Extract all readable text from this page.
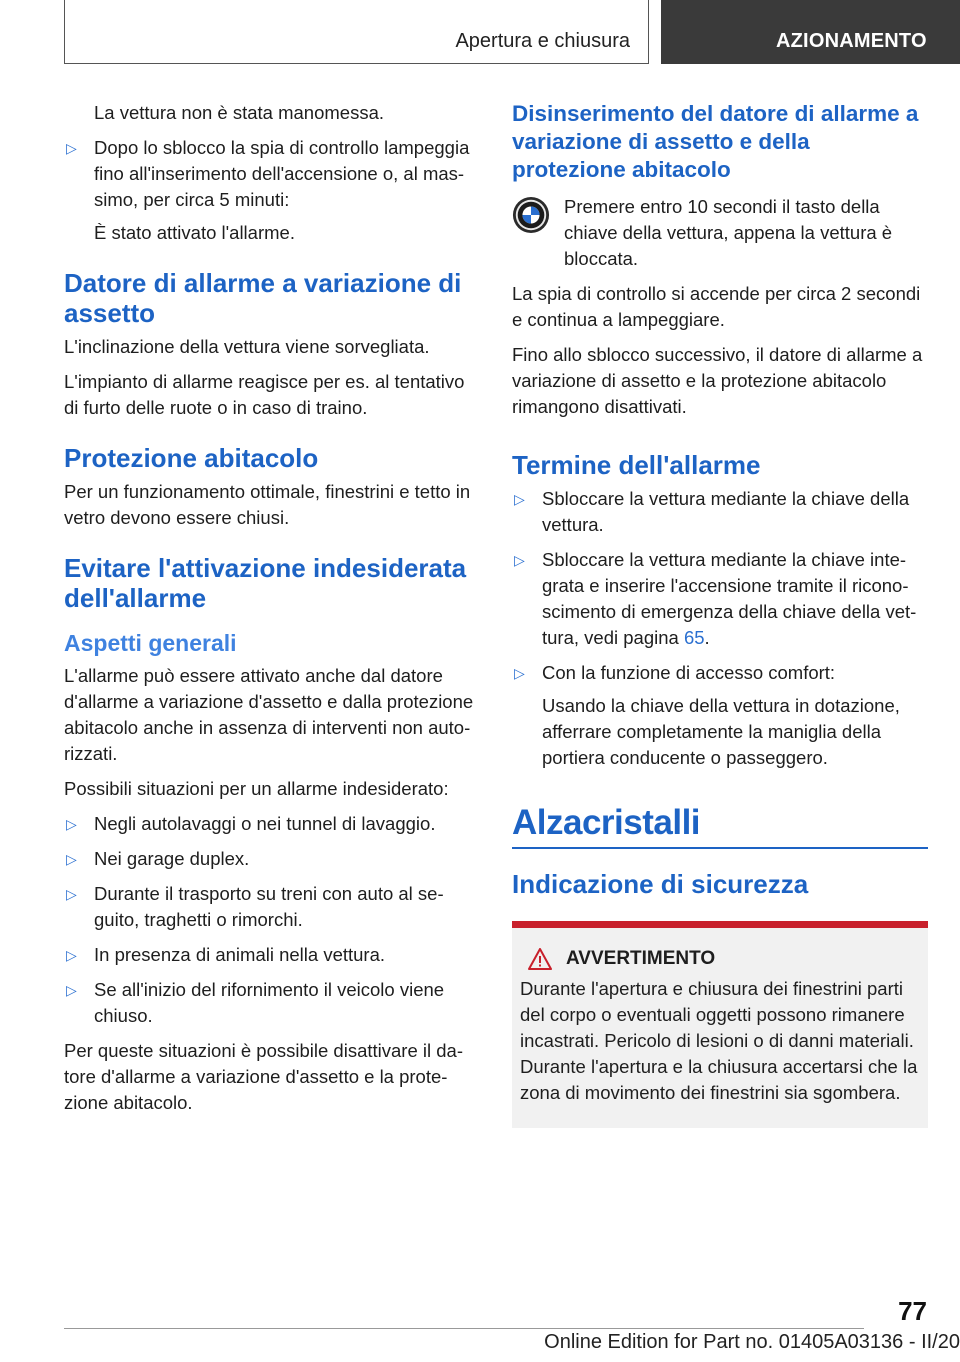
Apertura e chiusura	AZIONAMENTO

La vettura non è stata manomessa.

▷ Dopo lo sblocco la spia di controllo lampeggia fino all'inserimento dell'accensione o, al massimo, per circa 5 minuti:

È stato attivato l'allarme.

Datore di allarme a variazione di assetto

L'inclinazione della vettura viene sorvegliata.

L'impianto di allarme reagisce per es. al tentativo di furto delle ruote o in caso di traino.

Protezione abitacolo

Per un funzionamento ottimale, finestrini e tetto in vetro devono essere chiusi.

Evitare l'attivazione indesiderata dell'allarme
Aspetti generali

L'allarme può essere attivato anche dal datore d'allarme a variazione d'assetto e dalla protezione abitacolo anche in assenza di interventi non autorizzati.

Possibili situazioni per un allarme indesiderato:

▷ Negli autolavaggi o nei tunnel di lavaggio.
▷ Nei garage duplex.
▷ Durante il trasporto su treni con auto al seguito, traghetti o rimorchi.
▷ In presenza di animali nella vettura.
▷ Se all'inizio del rifornimento il veicolo viene chiuso.

Per queste situazioni è possibile disattivare il datore d'allarme a variazione d'assetto e la protezione abitacolo.

Disinserimento del datore di allarme a variazione di assetto e della protezione abitacolo

Premere entro 10 secondi il tasto della chiave della vettura, appena la vettura è bloccata.

La spia di controllo si accende per circa 2 secondi e continua a lampeggiare.

Fino allo sblocco successivo, il datore di allarme a variazione di assetto e la protezione abitacolo rimangono disattivati.

Termine dell'allarme
▷ Sbloccare la vettura mediante la chiave della vettura.
▷ Sbloccare la vettura mediante la chiave integrata e inserire l'accensione tramite il riconoscimento di emergenza della chiave della vettura, vedi pagina 65.
▷ Con la funzione di accesso comfort:

Usando la chiave della vettura in dotazione, afferrare completamente la maniglia della portiera conducente o passeggero.

Alzacristalli
Indicazione di sicurezza
AVVERTIMENTO

Durante l'apertura e chiusura dei finestrini parti del corpo o eventuali oggetti possono rimanere incastrati. Pericolo di lesioni o di danni materiali. Durante l'apertura e la chiusura accertarsi che la zona di movimento dei finestrini sia sgombera.

77
Online Edition for Part no. 01405A03136 - II/20
